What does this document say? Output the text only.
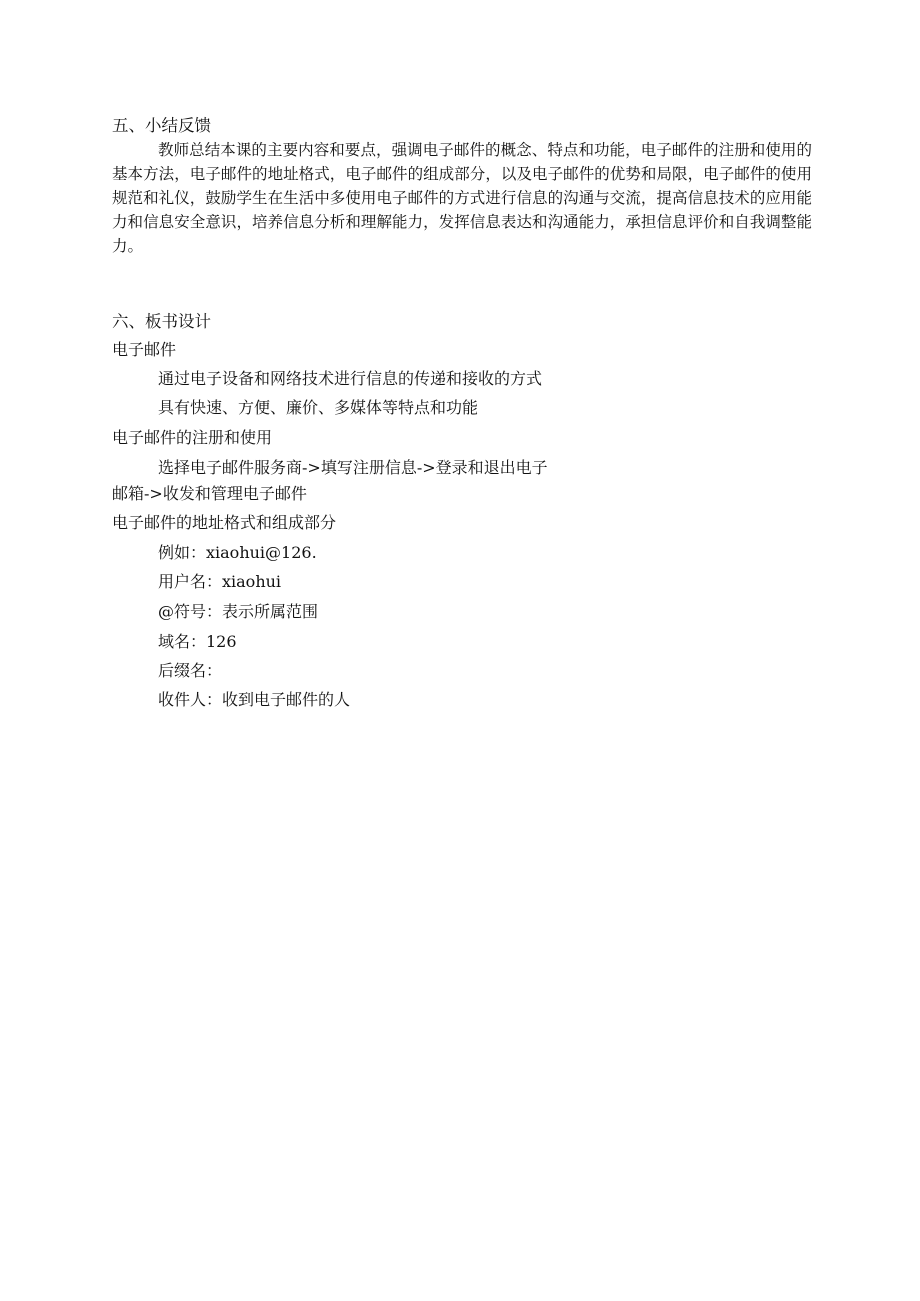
五、小结反馈

教师总结本课的主要内容和要点，强调电子邮件的概念、特点和功能，电子邮件的注册和使用的基本方法，电子邮件的地址格式，电子邮件的组成部分，以及电子邮件的优势和局限，电子邮件的使用规范和礼仪，鼓励学生在生活中多使用电子邮件的方式进行信息的沟通与交流，提高信息技术的应用能力和信息安全意识，培养信息分析和理解能力，发挥信息表达和沟通能力，承担信息评价和自我调整能力。

六、板书设计
电子邮件
通过电子设备和网络技术进行信息的传递和接收的方式
具有快速、方便、廉价、多媒体等特点和功能
电子邮件的注册和使用
选择电子邮件服务商->填写注册信息->登录和退出电子
邮箱->收发和管理电子邮件
电子邮件的地址格式和组成部分
例如：xiaohui@126.
用户名：xiaohui
@符号：表示所属范围
域名：126
后缀名：
收件人：收到电子邮件的人
